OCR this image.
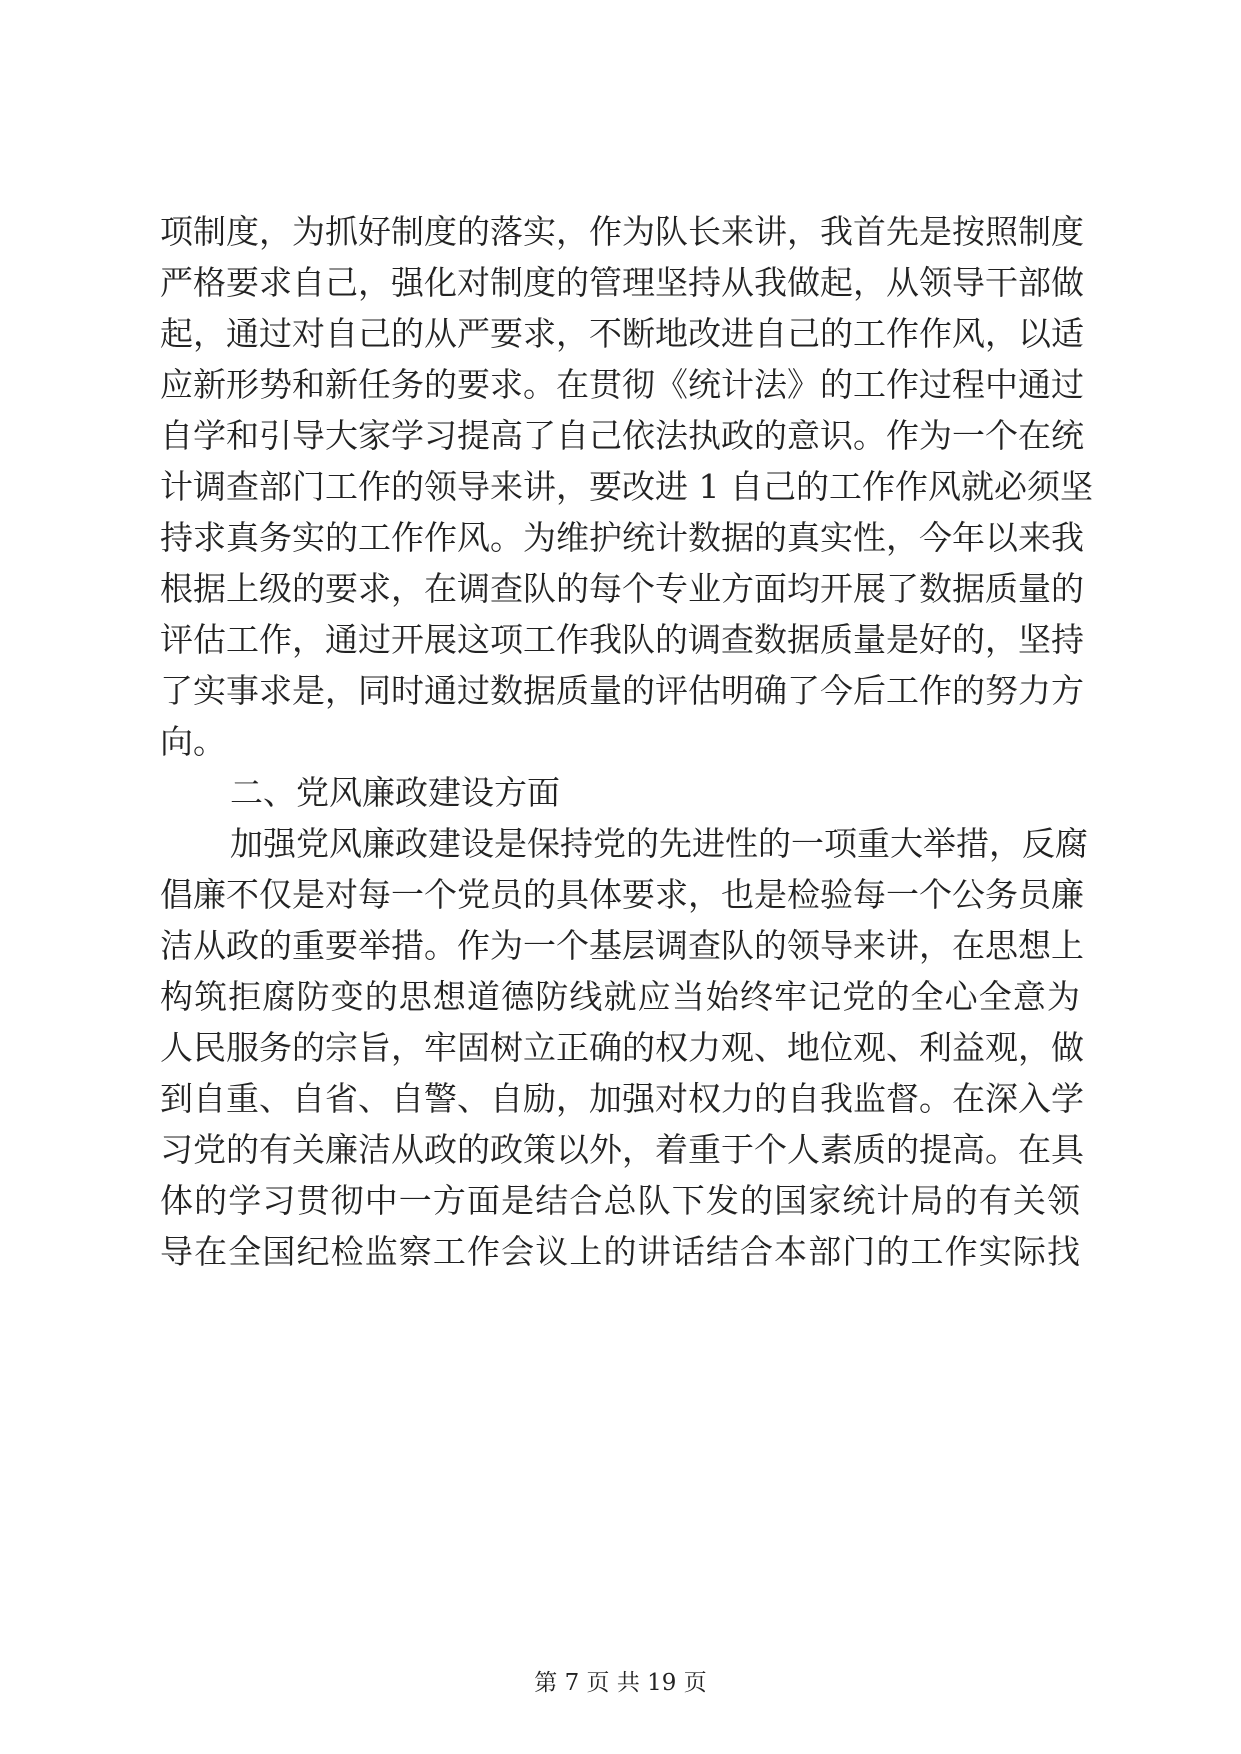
项制度，为抓好制度的落实，作为队长来讲，我首先是按照制度
严格要求自己，强化对制度的管理坚持从我做起，从领导干部做
起，通过对自己的从严要求，不断地改进自己的工作作风，以适
应新形势和新任务的要求。在贯彻《统计法》的工作过程中通过
自学和引导大家学习提高了自己依法执政的意识。作为一个在统
计调查部门工作的领导来讲，要改进 1 自己的工作作风就必须坚
持求真务实的工作作风。为维护统计数据的真实性，今年以来我
根据上级的要求，在调查队的每个专业方面均开展了数据质量的
评估工作，通过开展这项工作我队的调查数据质量是好的，坚持
了实事求是，同时通过数据质量的评估明确了今后工作的努力方
向。
二、党风廉政建设方面
加强党风廉政建设是保持党的先进性的一项重大举措，反腐
倡廉不仅是对每一个党员的具体要求，也是检验每一个公务员廉
洁从政的重要举措。作为一个基层调查队的领导来讲，在思想上
构筑拒腐防变的思想道德防线就应当始终牢记党的全心全意为
人民服务的宗旨，牢固树立正确的权力观、地位观、利益观，做
到自重、自省、自警、自励，加强对权力的自我监督。在深入学
习党的有关廉洁从政的政策以外，着重于个人素质的提高。在具
体的学习贯彻中一方面是结合总队下发的国家统计局的有关领
导在全国纪检监察工作会议上的讲话结合本部门的工作实际找
第 7 页 共 19 页
